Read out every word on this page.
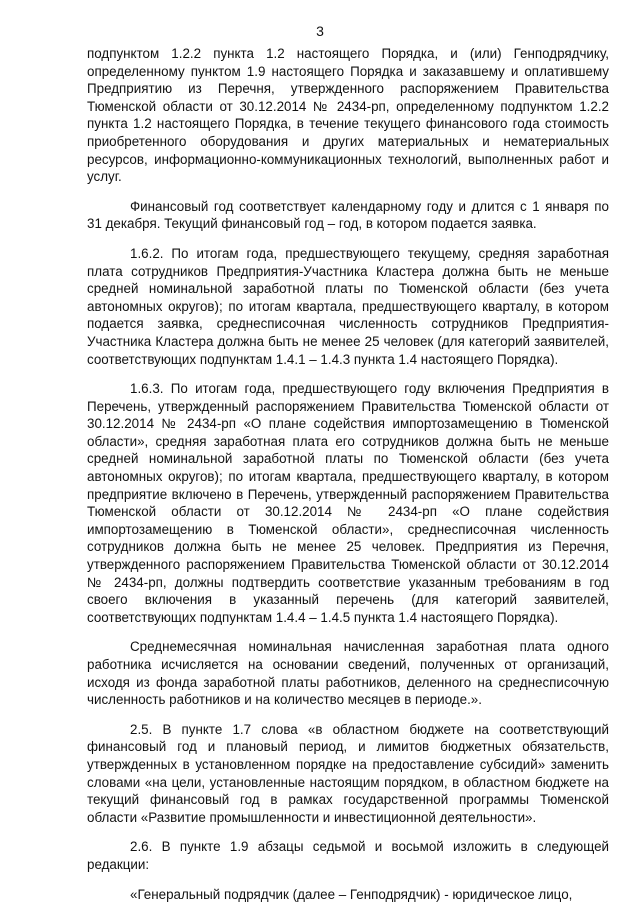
3

подпунктом 1.2.2 пункта 1.2 настоящего Порядка, и (или) Генподрядчику, определенному пунктом 1.9 настоящего Порядка и заказавшему и оплатившему Предприятию из Перечня, утвержденного распоряжением Правительства Тюменской области от 30.12.2014 № 2434-рп, определенному подпунктом 1.2.2 пункта 1.2 настоящего Порядка, в течение текущего финансового года стоимость приобретенного оборудования и других материальных и нематериальных ресурсов, информационно-коммуникационных технологий, выполненных работ и услуг.

Финансовый год соответствует календарному году и длится с 1 января по 31 декабря. Текущий финансовый год – год, в котором подается заявка.

1.6.2. По итогам года, предшествующего текущему, средняя заработная плата сотрудников Предприятия-Участника Кластера должна быть не меньше средней номинальной заработной платы по Тюменской области (без учета автономных округов); по итогам квартала, предшествующего кварталу, в котором подается заявка, среднесписочная численность сотрудников Предприятия-Участника Кластера должна быть не менее 25 человек (для категорий заявителей, соответствующих подпунктам 1.4.1 – 1.4.3 пункта 1.4 настоящего Порядка).

1.6.3. По итогам года, предшествующего году включения Предприятия в Перечень, утвержденный распоряжением Правительства Тюменской области от 30.12.2014 № 2434-рп «О плане содействия импортозамещению в Тюменской области», средняя заработная плата его сотрудников должна быть не меньше средней номинальной заработной платы по Тюменской области (без учета автономных округов); по итогам квартала, предшествующего кварталу, в котором предприятие включено в Перечень, утвержденный распоряжением Правительства Тюменской области от 30.12.2014 № 2434-рп «О плане содействия импортозамещению в Тюменской области», среднесписочная численность сотрудников должна быть не менее 25 человек. Предприятия из Перечня, утвержденного распоряжением Правительства Тюменской области от 30.12.2014 № 2434-рп, должны подтвердить соответствие указанным требованиям в год своего включения в указанный перечень (для категорий заявителей, соответствующих подпунктам 1.4.4 – 1.4.5 пункта 1.4 настоящего Порядка).

Среднемесячная номинальная начисленная заработная плата одного работника исчисляется на основании сведений, полученных от организаций, исходя из фонда заработной платы работников, деленного на среднесписочную численность работников и на количество месяцев в периоде.».

2.5. В пункте 1.7 слова «в областном бюджете на соответствующий финансовый год и плановый период, и лимитов бюджетных обязательств, утвержденных в установленном порядке на предоставление субсидий» заменить словами «на цели, установленные настоящим порядком, в областном бюджете на текущий финансовый год в рамках государственной программы Тюменской области «Развитие промышленности и инвестиционной деятельности».

2.6. В пункте 1.9 абзацы седьмой и восьмой изложить в следующей редакции:

«Генеральный подрядчик (далее – Генподрядчик) - юридическое лицо,
